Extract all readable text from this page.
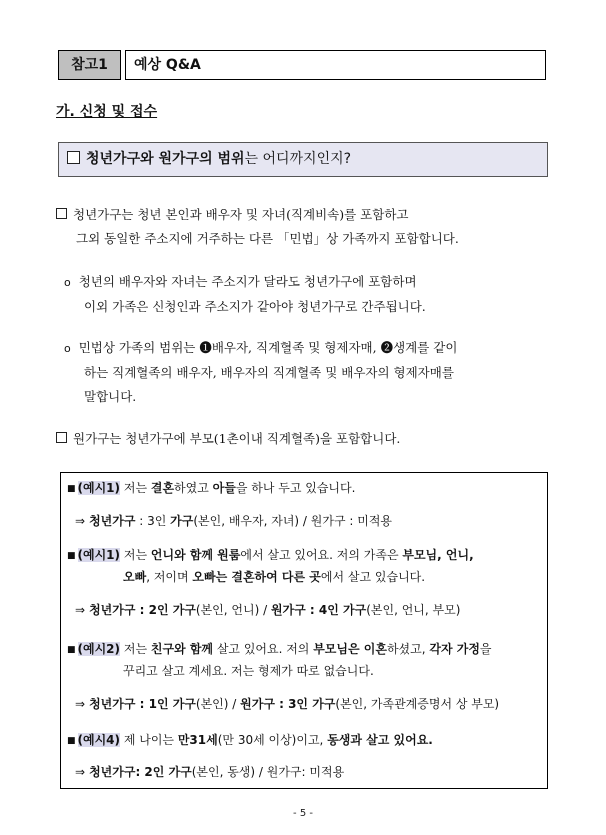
참고1	예상 Q&A
가. 신청 및 접수
청년가구와 원가구의 범위는 어디까지인지?
청년가구는 청년 본인과 배우자 및 자녀(직계비속)를 포함하고
그외 동일한 주소지에 거주하는 다른 「민법」상 가족까지 포함합니다.
o 청년의 배우자와 자녀는 주소지가 달라도 청년가구에 포함하며
이외 가족은 신청인과 주소지가 같아야 청년가구로 간주됩니다.
o 민법상 가족의 범위는 ❶배우자, 직계혈족 및 형제자매, ❷생계를 같이
하는 직계혈족의 배우자, 배우자의 직계혈족 및 배우자의 형제자매를
말합니다.
원가구는 청년가구에 부모(1촌이내 직계혈족)을 포함합니다.
■ (예시1) 저는 결혼하였고 아들을 하나 두고 있습니다.
⇒ 청년가구 : 3인 가구(본인, 배우자, 자녀) / 원가구 : 미적용
■ (예시1) 저는 언니와 함께 원룸에서 살고 있어요. 저의 가족은 부모님, 언니,
오빠, 저이며 오빠는 결혼하여 다른 곳에서 살고 있습니다.
⇒ 청년가구 : 2인 가구(본인, 언니) / 원가구 : 4인 가구(본인, 언니, 부모)
■ (예시2) 저는 친구와 함께 살고 있어요. 저의 부모님은 이혼하셨고, 각자 가정을
꾸리고 살고 계세요. 저는 형제가 따로 없습니다.
⇒ 청년가구 : 1인 가구(본인) / 원가구 : 3인 가구(본인, 가족관계증명서 상 부모)
■ (예시4) 제 나이는 만31세(만 30세 이상)이고, 동생과 살고 있어요.
⇒ 청년가구: 2인 가구(본인, 동생) / 원가구: 미적용
- 5 -
